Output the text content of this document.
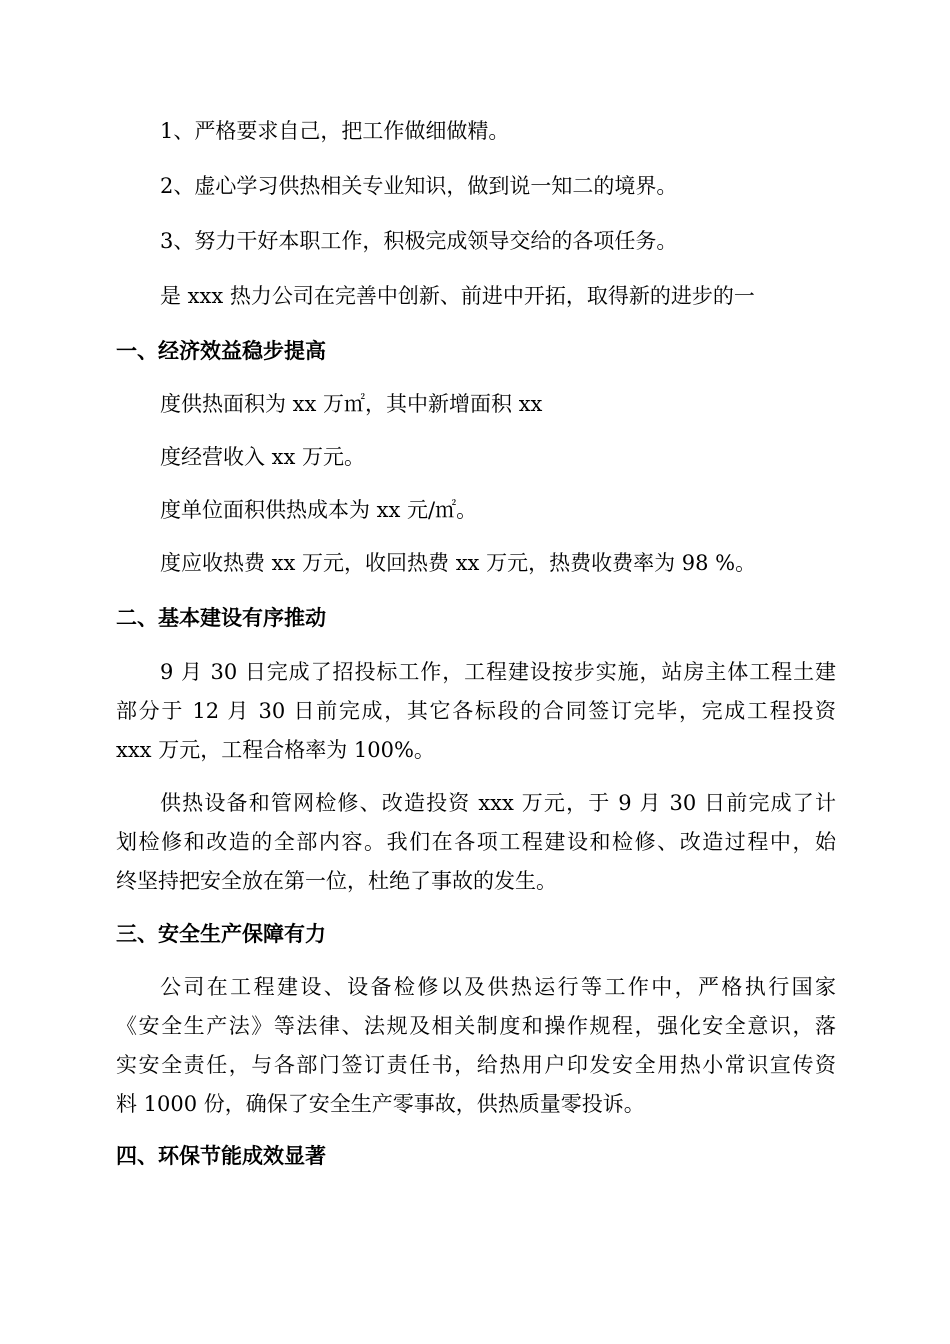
1、严格要求自己，把工作做细做精。
2、虚心学习供热相关专业知识，做到说一知二的境界。
3、努力干好本职工作，积极完成领导交给的各项任务。
是 xxx 热力公司在完善中创新、前进中开拓，取得新的进步的一
一、经济效益稳步提高
度供热面积为 xx 万㎡，其中新增面积 xx
度经营收入 xx 万元。
度单位面积供热成本为 xx 元/㎡。
度应收热费 xx 万元，收回热费 xx 万元，热费收费率为 98 %。
二、基本建设有序推动
9 月 30 日完成了招投标工作，工程建设按步实施，站房主体工程土建
部分于 12 月 30 日前完成，其它各标段的合同签订完毕，完成工程投资
xxx 万元，工程合格率为 100%。
供热设备和管网检修、改造投资 xxx 万元，于 9 月 30 日前完成了计
划检修和改造的全部内容。我们在各项工程建设和检修、改造过程中，始
终坚持把安全放在第一位，杜绝了事故的发生。
三、安全生产保障有力
公司在工程建设、设备检修以及供热运行等工作中，严格执行国家
《安全生产法》等法律、法规及相关制度和操作规程，强化安全意识，落
实安全责任，与各部门签订责任书，给热用户印发安全用热小常识宣传资
料 1000 份，确保了安全生产零事故，供热质量零投诉。
四、环保节能成效显著
